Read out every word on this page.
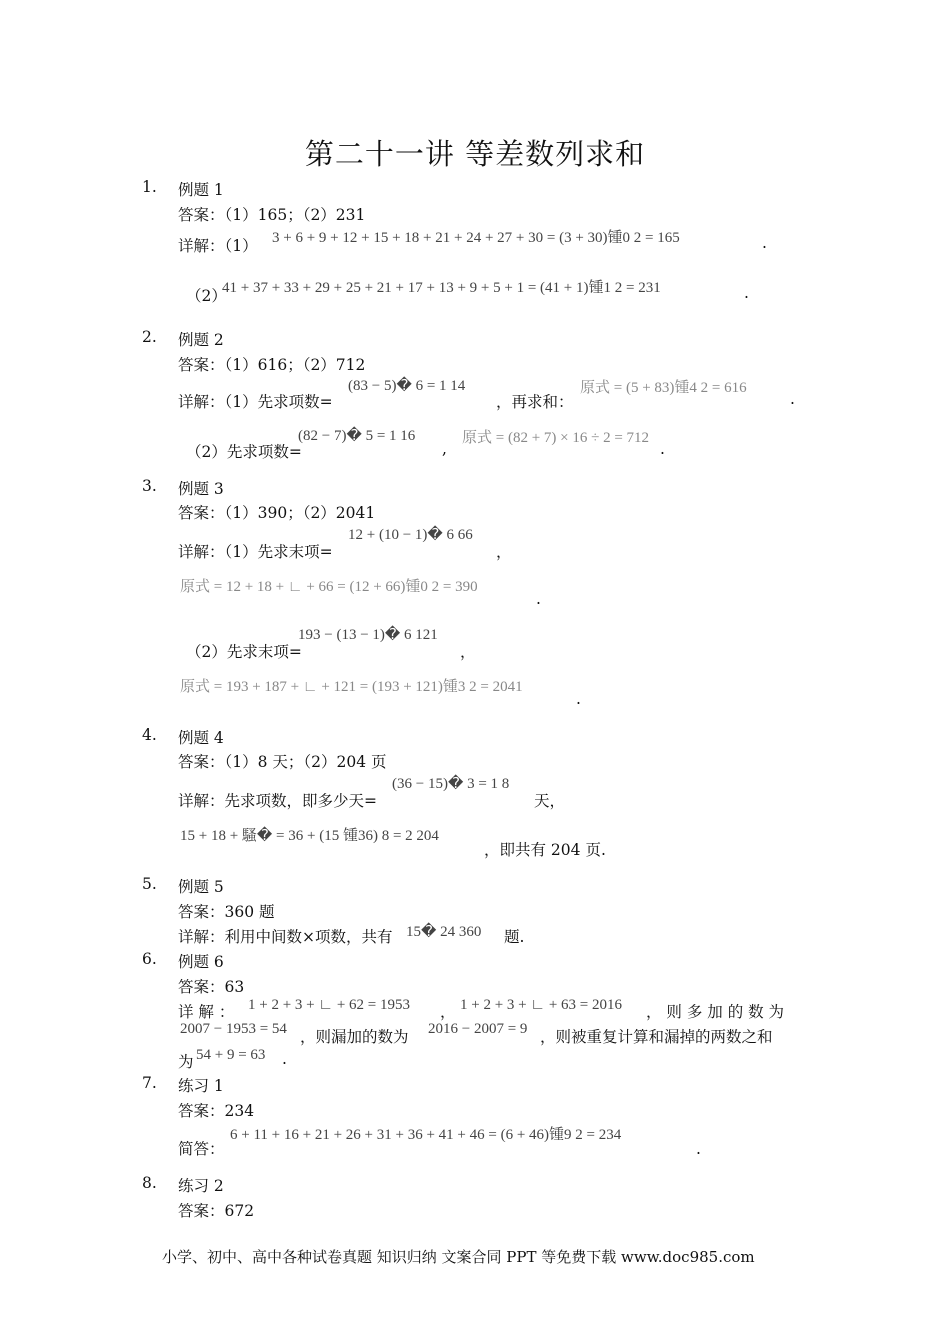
第二十一讲 等差数列求和
1. 例题 1
答案：（1）165；（2）231
详解：（1） 3 + 6 + 9 + 12 + 15 + 18 + 21 + 24 + 27 + 30 = (3 + 30)锺0 2 = 165	.
（2）
41 + 37 + 33 + 29 + 25 + 21 + 17 + 13 + 9 + 5 + 1 = (41 + 1)锺1 2 = 231	.
2. 例题 2
答案：（1）616；（2）712
详解：（1）先求项数=
(83 − 5)� 6 = 1 14
，再求和：
原式 = (5 + 83)锺4 2 = 616
.
（2）先求项数=
(82 − 7)� 5 = 1 16
,
原式 = (82 + 7) × 16 ÷ 2 = 712
.
3. 例题 3
答案：（1）390；（2）2041
详解：（1）先求末项=
12 + (10 − 1)� 6 66
，
原式 = 12 + 18 + ∟ + 66 = (12 + 66)锺0 2 = 390
.
（2）先求末项=
193 − (13 − 1)� 6 121
，
原式 = 193 + 187 + ∟ + 121 = (193 + 121)锺3 2 = 2041
.
4. 例题 4
答案：（1）8 天；（2）204 页
详解：先求项数，即多少天=
(36 − 15)� 3 = 1 8
天，
15 + 18 + 騷� = 36 + (15 锺36) 8 = 2 204
，即共有 204 页.
5. 例题 5
答案：360 题
详解：利用中间数×项数，共有 15� 24 360 题.
6. 例题 6
答案：63
详 解 ： 1 + 2 + 3 + ∟ + 62 = 1953 ， 1 + 2 + 3 + ∟ + 63 = 2016 ， 则 多 加 的 数 为
2007 − 1953 = 54 ，则漏加的数为 2016 − 2007 = 9 ，则被重复计算和漏掉的两数之和
为 54 + 9 = 63 .
7. 练习 1
答案：234
简答：
6 + 11 + 16 + 21 + 26 + 31 + 36 + 41 + 46 = (6 + 46)锺9 2 = 234
.
8. 练习 2
答案：672
小学、初中、高中各种试卷真题 知识归纳 文案合同 PPT 等免费下载 www.doc985.com
